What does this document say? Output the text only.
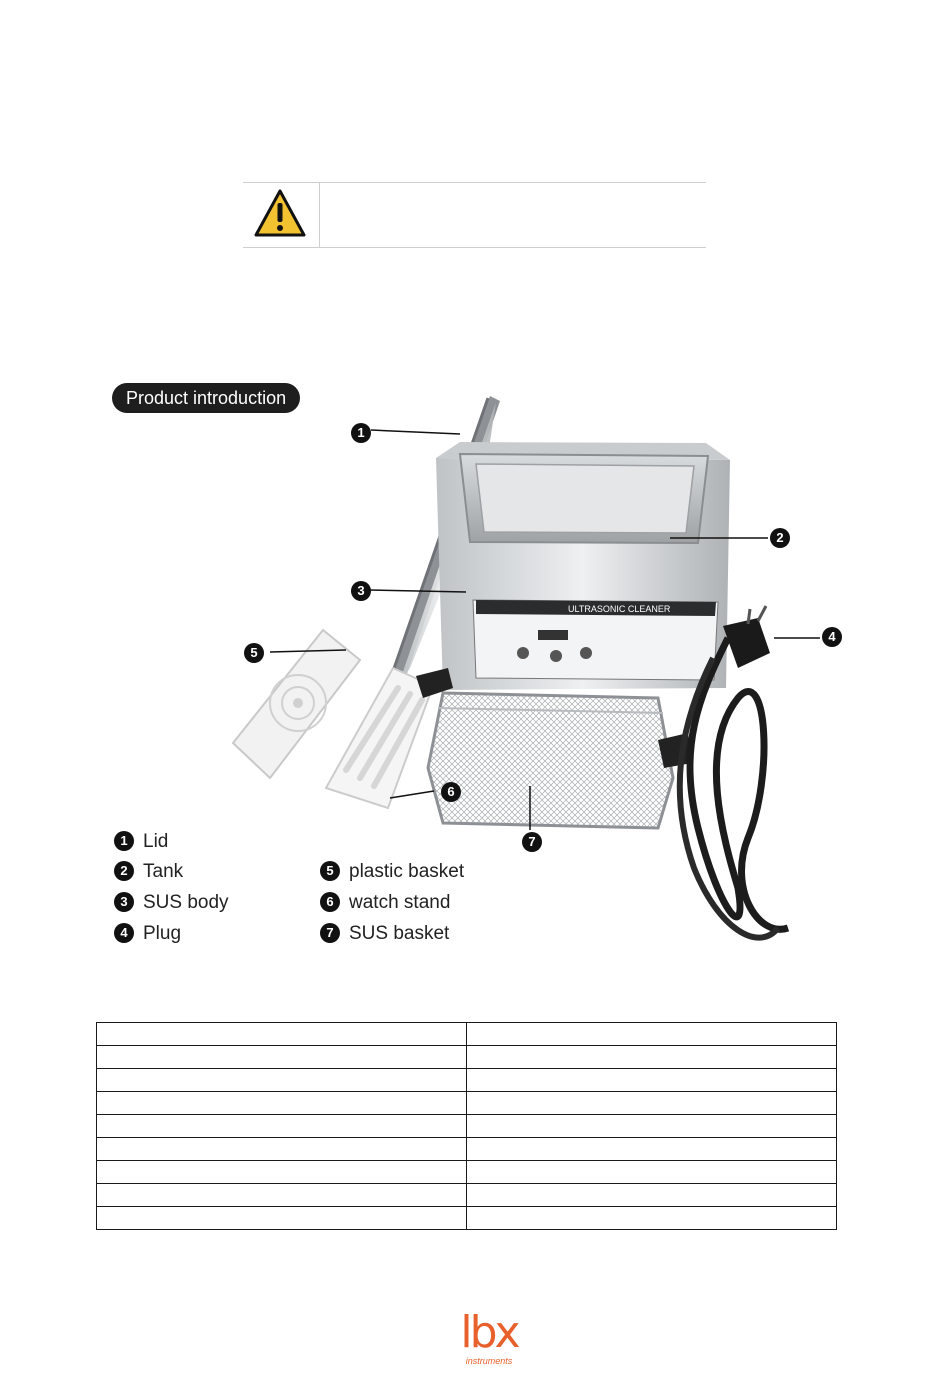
ULTRASONIC CLEANER
Product introduction
1
2
3
4
5
6
7
1 Lid
2 Tank
3 SUS body
4 Plug
5 plastic basket
6 watch stand
7 SUS basket

lbx
instruments
